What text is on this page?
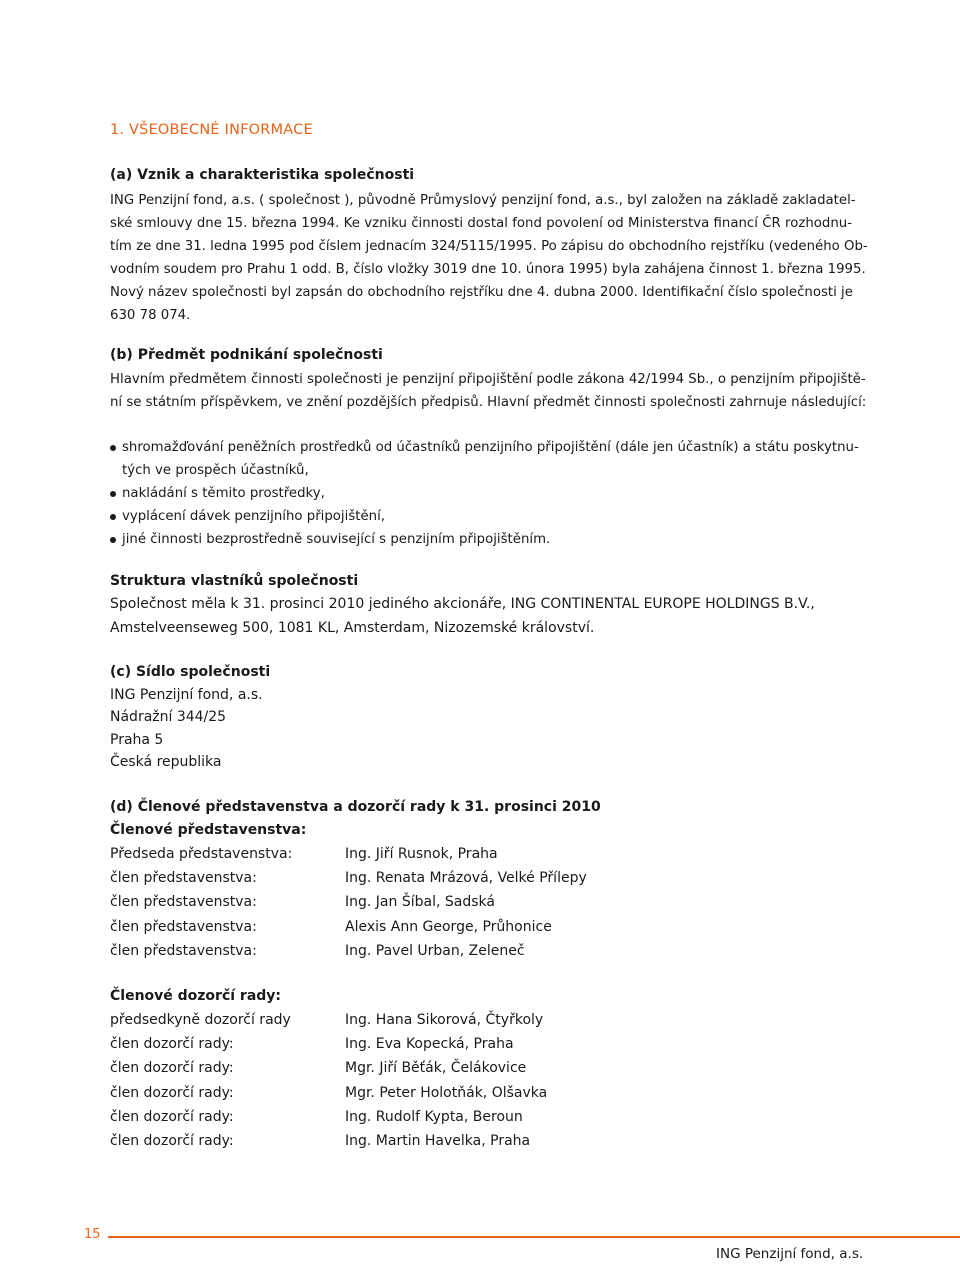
1. VŠEOBECNÉ INFORMACE
(a) Vznik a charakteristika společnosti
ING Penzijní fond, a.s. ( společnost ), původně Průmyslový penzijní fond, a.s., byl založen na základě zakladatel-
ské smlouvy dne 15. března 1994. Ke vzniku činnosti dostal fond povolení od Ministerstva financí ČR rozhodnu-
tím ze dne 31. ledna 1995 pod číslem jednacím 324/5115/1995. Po zápisu do obchodního rejstříku (vedeného Ob-
vodním soudem pro Prahu 1 odd. B, číslo vložky 3019 dne 10. února 1995) byla zahájena činnost 1. března 1995.
Nový název společnosti byl zapsán do obchodního rejstříku dne 4. dubna 2000. Identifikační číslo společnosti je
630 78 074.
(b) Předmět podnikání společnosti
Hlavním předmětem činnosti společnosti je penzijní připojištění podle zákona 42/1994 Sb., o penzijním připojiště-
ní se státním příspěvkem, ve znění pozdějších předpisů. Hlavní předmět činnosti společnosti zahrnuje následující:
shromažďování peněžních prostředků od účastníků penzijního připojištění (dále jen účastník) a státu poskytnu-
tých ve prospěch účastníků,
nakládání s těmito prostředky,
vyplácení dávek penzijního připojištění,
jiné činnosti bezprostředně související s penzijním připojištěním.
Struktura vlastníků společnosti
Společnost měla k 31. prosinci 2010 jediného akcionáře, ING CONTINENTAL EUROPE HOLDINGS B.V.,
Amstelveenseweg 500, 1081 KL, Amsterdam, Nizozemské království.
(c) Sídlo společnosti
ING Penzijní fond, a.s.
Nádražní 344/25
Praha 5
Česká republika
(d) Členové představenstva a dozorčí rady k 31. prosinci 2010
Členové představenstva:
Předseda představenstva:	Ing. Jiří Rusnok, Praha
člen představenstva:	Ing. Renata Mrázová, Velké Přílepy
člen představenstva:	Ing. Jan Šíbal, Sadská
člen představenstva:	Alexis Ann George, Průhonice
člen představenstva:	Ing. Pavel Urban, Zeleneč
Členové dozorčí rady:
předsedkyně dozorčí rady	Ing. Hana Sikorová, Čtyřkoly
člen dozorčí rady:	Ing. Eva Kopecká, Praha
člen dozorčí rady:	Mgr. Jiří Běťák, Čelákovice
člen dozorčí rady:	Mgr. Peter Holotňák, Olšavka
člen dozorčí rady:	Ing. Rudolf Kypta, Beroun
člen dozorčí rady:	Ing. Martin Havelka, Praha
15
ING Penzijní fond, a.s.
